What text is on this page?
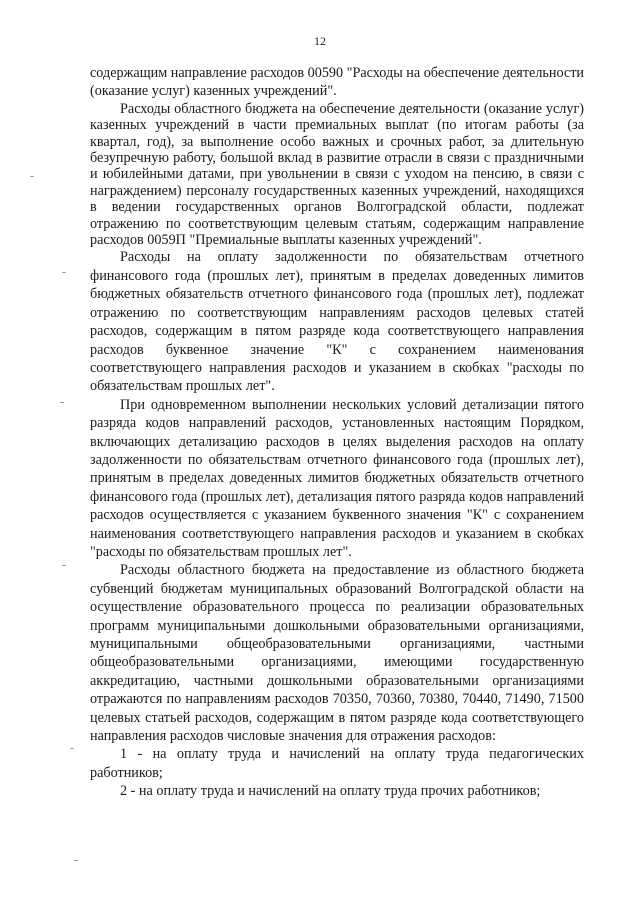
12

содержащим направление расходов 00590 "Расходы на обеспечение деятельности (оказание услуг) казенных учреждений".

Расходы областного бюджета на обеспечение деятельности (оказание услуг) казенных учреждений в части премиальных выплат (по итогам работы (за квартал, год), за выполнение особо важных и срочных работ, за длительную безупречную работу, большой вклад в развитие отрасли в связи с праздничными и юбилейными датами, при увольнении в связи с уходом на пенсию, в связи с награждением) персоналу государственных казенных учреждений, находящихся в ведении государственных органов Волгоградской области, подлежат отражению по соответствующим целевым статьям, содержащим направление расходов 0059П "Премиальные выплаты казенных учреждений".

Расходы на оплату задолженности по обязательствам отчетного финансового года (прошлых лет), принятым в пределах доведенных лимитов бюджетных обязательств отчетного финансового года (прошлых лет), подлежат отражению по соответствующим направлениям расходов целевых статей расходов, содержащим в пятом разряде кода соответствующего направления расходов буквенное значение "К" с сохранением наименования соответствующего направления расходов и указанием в скобках "расходы по обязательствам прошлых лет".

При одновременном выполнении нескольких условий детализации пятого разряда кодов направлений расходов, установленных настоящим Порядком, включающих детализацию расходов в целях выделения расходов на оплату задолженности по обязательствам отчетного финансового года (прошлых лет), принятым в пределах доведенных лимитов бюджетных обязательств отчетного финансового года (прошлых лет), детализация пятого разряда кодов направлений расходов осуществляется с указанием буквенного значения "К" с сохранением наименования соответствующего направления расходов и указанием в скобках "расходы по обязательствам прошлых лет".

Расходы областного бюджета на предоставление из областного бюджета субвенций бюджетам муниципальных образований Волгоградской области на осуществление образовательного процесса по реализации образовательных программ муниципальными дошкольными образовательными организациями, муниципальными общеобразовательными организациями, частными общеобразовательными организациями, имеющими государственную аккредитацию, частными дошкольными образовательными организациями отражаются по направлениям расходов 70350, 70360, 70380, 70440, 71490, 71500 целевых статьей расходов, содержащим в пятом разряде кода соответствующего направления расходов числовые значения для отражения расходов:

1 - на оплату труда и начислений на оплату труда педагогических работников;

2 - на оплату труда и начислений на оплату труда прочих работников;
